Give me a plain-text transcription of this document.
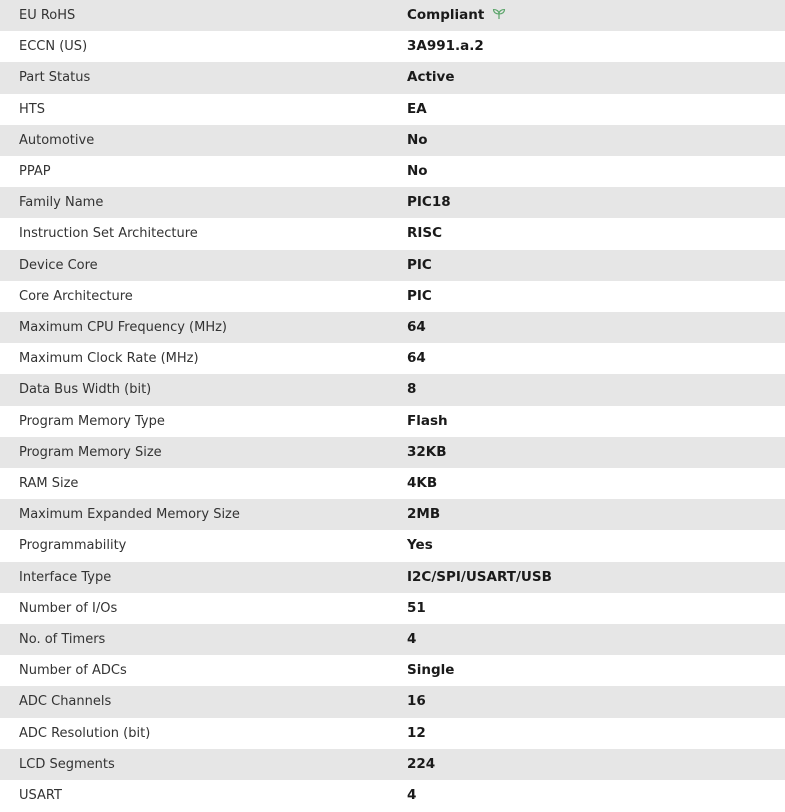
EU RoHS	Compliant
ECCN (US)	3A991.a.2
Part Status	Active
HTS	EA
Automotive	No
PPAP	No
Family Name	PIC18
Instruction Set Architecture	RISC
Device Core	PIC
Core Architecture	PIC
Maximum CPU Frequency (MHz)	64
Maximum Clock Rate (MHz)	64
Data Bus Width (bit)	8
Program Memory Type	Flash
Program Memory Size	32KB
RAM Size	4KB
Maximum Expanded Memory Size	2MB
Programmability	Yes
Interface Type	I2C/SPI/USART/USB
Number of I/Os	51
No. of Timers	4
Number of ADCs	Single
ADC Channels	16
ADC Resolution (bit)	12
LCD Segments	224
USART	4
